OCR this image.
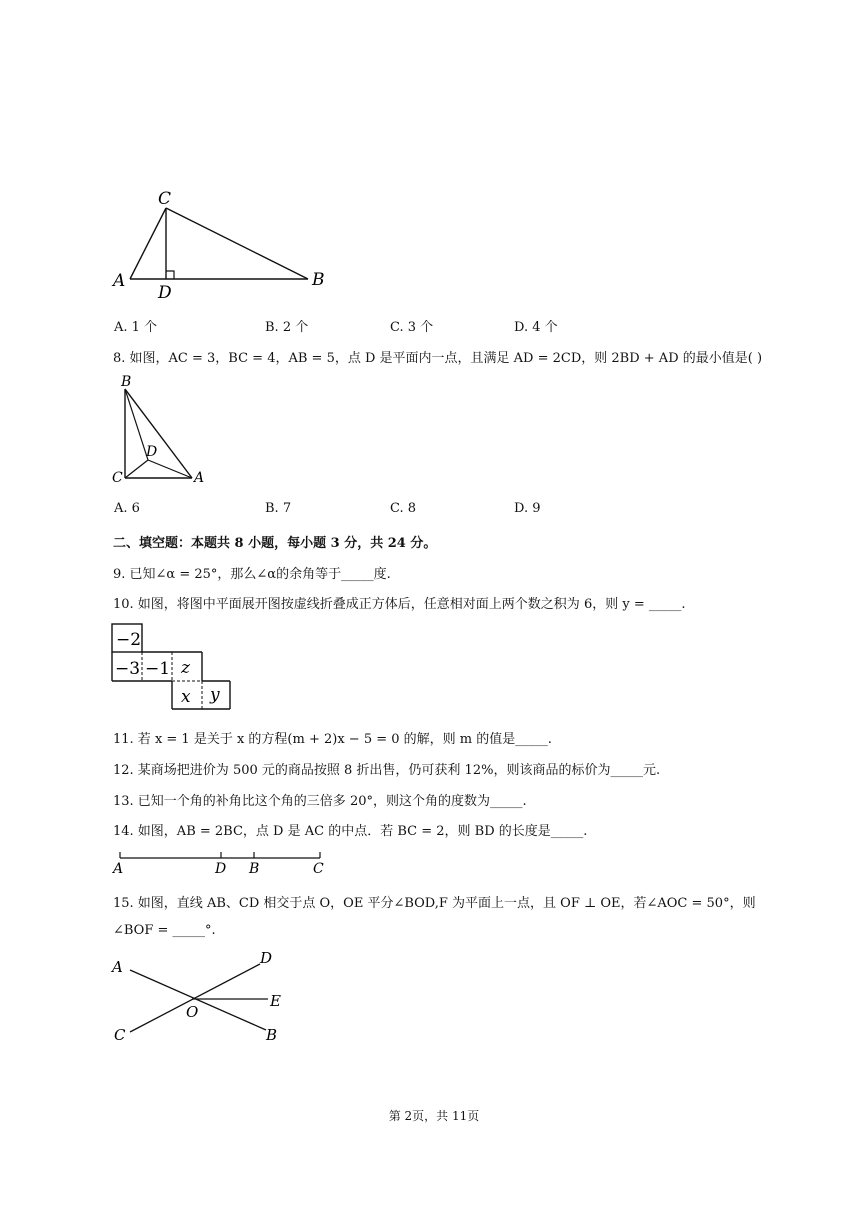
C
A
D
B
A. 1 个	B. 2 个	C. 3 个	D. 4 个
8. 如图，AC = 3，BC = 4，AB = 5，点 D 是平面内一点，且满足 AD = 2CD，则 2BD + AD 的最小值是( )
B
D
C	A
A. 6	B. 7	C. 8	D. 9
二、填空题：本题共 8 小题，每小题 3 分，共 24 分。
9. 已知∠α = 25°，那么∠α的余角等于_____度.
10. 如图，将图中平面展开图按虚线折叠成正方体后，任意相对面上两个数之积为 6，则 y = _____.
−2
−3 −1 z
x y
11. 若 x = 1 是关于 x 的方程(m + 2)x − 5 = 0 的解，则 m 的值是_____.
12. 某商场把进价为 500 元的商品按照 8 折出售，仍可获利 12%，则该商品的标价为_____元.
13. 已知一个角的补角比这个角的三倍多 20°，则这个角的度数为_____.
14. 如图，AB = 2BC，点 D 是 AC 的中点．若 BC = 2，则 BD 的长度是_____.
A	D B	C
15. 如图，直线 AB、CD 相交于点 O，OE 平分∠BOD,F 为平面上一点，且 OF ⊥ OE，若∠AOC = 50°，则
∠BOF = _____°.
A	D
E
O
C	B
第 2页，共 11页
